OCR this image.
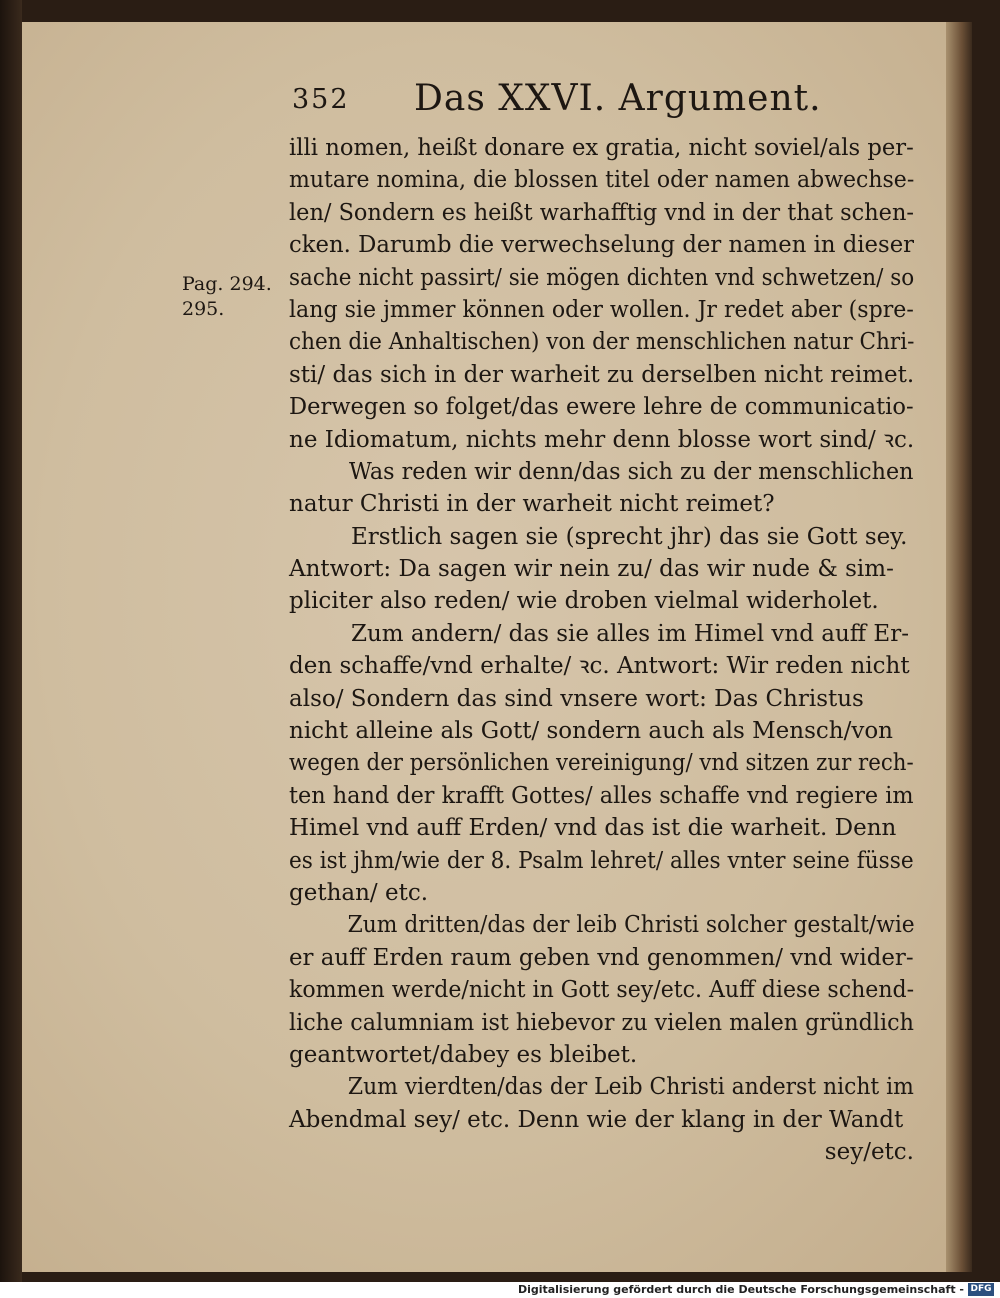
352 Das XXVI. Argument.
Pag. 294.
295.
illi nomen, heißt donare ex gratia, nicht soviel/als per-
mutare nomina, die blossen titel oder namen abwechse-
len/ Sondern es heißt warhafftig vnd in der that schen-
cken. Darumb die verwechselung der namen in dieser
sache nicht passirt/ sie mögen dichten vnd schwetzen/ so
lang sie jmmer können oder wollen. Jr redet aber (spre-
chen die Anhaltischen) von der menschlichen natur Chri-
sti/ das sich in der warheit zu derselben nicht reimet.
Derwegen so folget/das ewere lehre de communicatio-
ne Idiomatum, nichts mehr denn blosse wort sind/ ꝛc.
Was reden wir denn/das sich zu der menschlichen
natur Christi in der warheit nicht reimet?
Erstlich sagen sie (sprecht jhr) das sie Gott sey.
Antwort: Da sagen wir nein zu/ das wir nude & sim-
pliciter also reden/ wie droben vielmal widerholet.
Zum andern/ das sie alles im Himel vnd auff Er-
den schaffe/vnd erhalte/ ꝛc. Antwort: Wir reden nicht
also/ Sondern das sind vnsere wort: Das Christus
nicht alleine als Gott/ sondern auch als Mensch/von
wegen der persönlichen vereinigung/ vnd sitzen zur rech-
ten hand der krafft Gottes/ alles schaffe vnd regiere im
Himel vnd auff Erden/ vnd das ist die warheit. Denn
es ist jhm/wie der 8. Psalm lehret/ alles vnter seine füsse
gethan/ etc.
Zum dritten/das der leib Christi solcher gestalt/wie
er auff Erden raum geben vnd genommen/ vnd wider-
kommen werde/nicht in Gott sey/etc. Auff diese schend-
liche calumniam ist hiebevor zu vielen malen gründlich
geantwortet/dabey es bleibet.
Zum vierdten/das der Leib Christi anderst nicht im
Abendmal sey/ etc. Denn wie der klang in der Wandt
sey/etc.
Digitalisierung gefördert durch die Deutsche Forschungsgemeinschaft - DFG
